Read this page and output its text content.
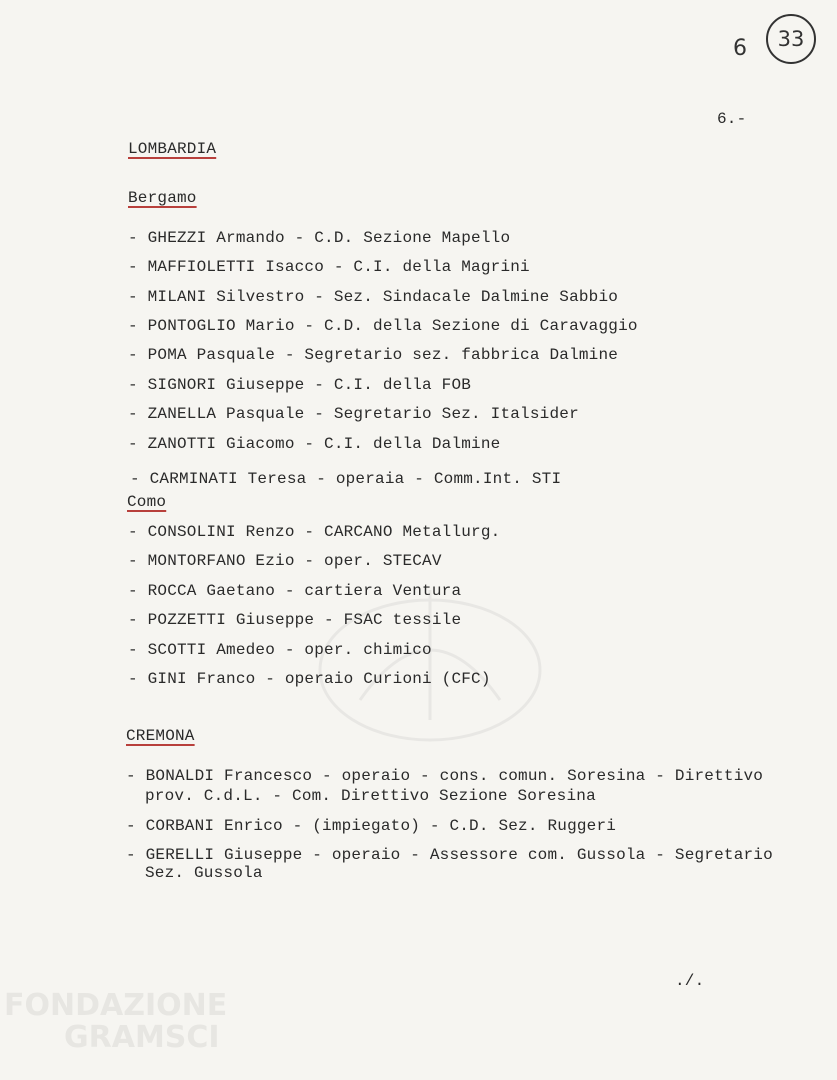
6	33
6.-
LOMBARDIA
Bergamo
- GHEZZI Armando - C.D. Sezione Mapello
- MAFFIOLETTI Isacco - C.I. della Magrini
- MILANI Silvestro - Sez. Sindacale Dalmine Sabbio
- PONTOGLIO Mario - C.D. della Sezione di Caravaggio
- POMA Pasquale - Segretario sez. fabbrica Dalmine
- SIGNORI Giuseppe - C.I. della FOB
- ZANELLA Pasquale - Segretario Sez. Italsider
- ZANOTTI Giacomo - C.I. della Dalmine
- CARMINATI Teresa - operaia - Comm.Int. STI
Como
- CONSOLINI Renzo - CARCANO Metallurg.
- MONTORFANO Ezio - oper. STECAV
- ROCCA Gaetano - cartiera Ventura
- POZZETTI Giuseppe - FSAC tessile
- SCOTTI Amedeo - oper. chimico
- GINI Franco - operaio Curioni (CFC)
CREMONA
- BONALDI Francesco - operaio - cons. comun. Soresina - Direttivo
prov. C.d.L. - Com. Direttivo Sezione Soresina
- CORBANI Enrico - (impiegato) - C.D. Sez. Ruggeri
- GERELLI Giuseppe - operaio - Assessore com. Gussola - Segretario
Sez. Gussola
./.
FONDAZIONE
GRAMSCI
